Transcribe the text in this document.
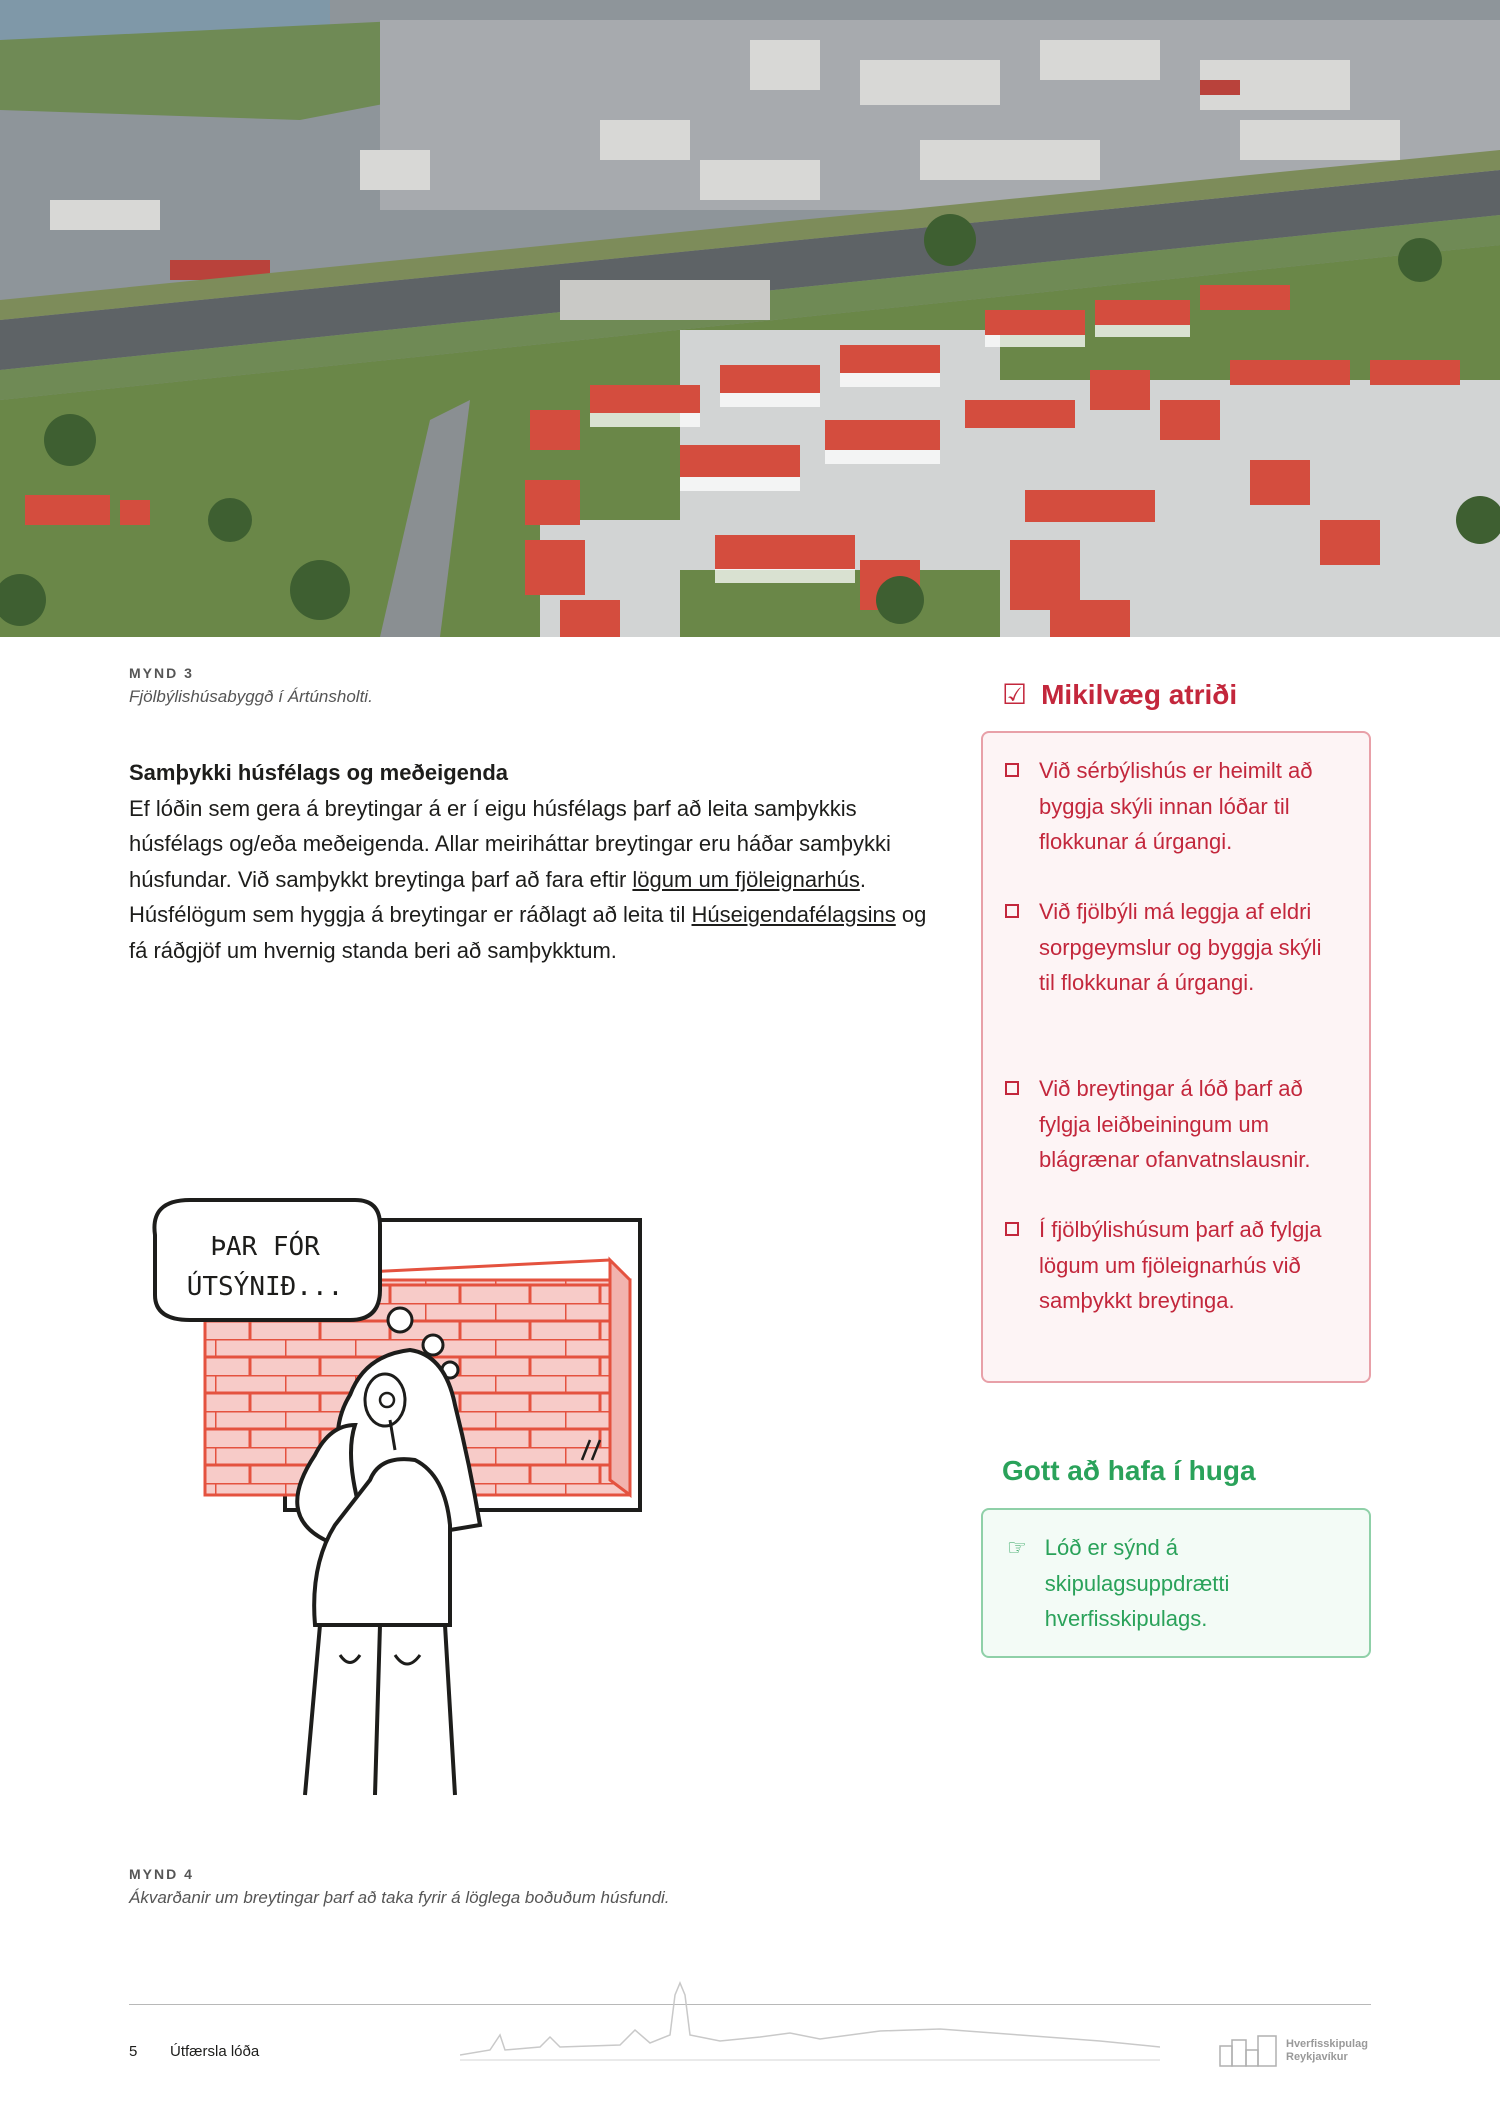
MYND 3
Fjölbýlishúsabyggð í Ártúnsholti.
Samþykki húsfélags og meðeigenda

Ef lóðin sem gera á breytingar á er í eigu húsfélags þarf að leita samþykkis húsfélags og/eða meðeigenda. Allar meiriháttar breytingar eru háðar samþykki húsfundar. Við samþykkt breytinga þarf að fara eftir lögum um fjöleignarhús. Húsfélögum sem hyggja á breytingar er ráðlagt að leita til Húseigendafélagsins og fá ráðgjöf um hvernig standa beri að samþykktum.

ÞAR FÓR
ÚTSÝNIÐ...
MYND 4
Ákvarðanir um breytingar þarf að taka fyrir á löglega boðuðum húsfundi.
☑ Mikilvæg atriði
Við sérbýlishús er heimilt að byggja skýli innan lóðar til flokkunar á úrgangi.
Við fjölbýli má leggja af eldri sorpgeymslur og byggja skýli til flokkunar á úrgangi.
Við breytingar á lóð þarf að fylgja leiðbeiningum um blágrænar ofanvatnslausnir.
Í fjölbýlishúsum þarf að fylgja lögum um fjöleignarhús við samþykkt breytinga.
Gott að hafa í huga
☞ Lóð er sýnd á skipulagsuppdrætti hverfisskipulags.
5 Útfærsla lóða	Hverfisskipulag
Reykjavíkur
